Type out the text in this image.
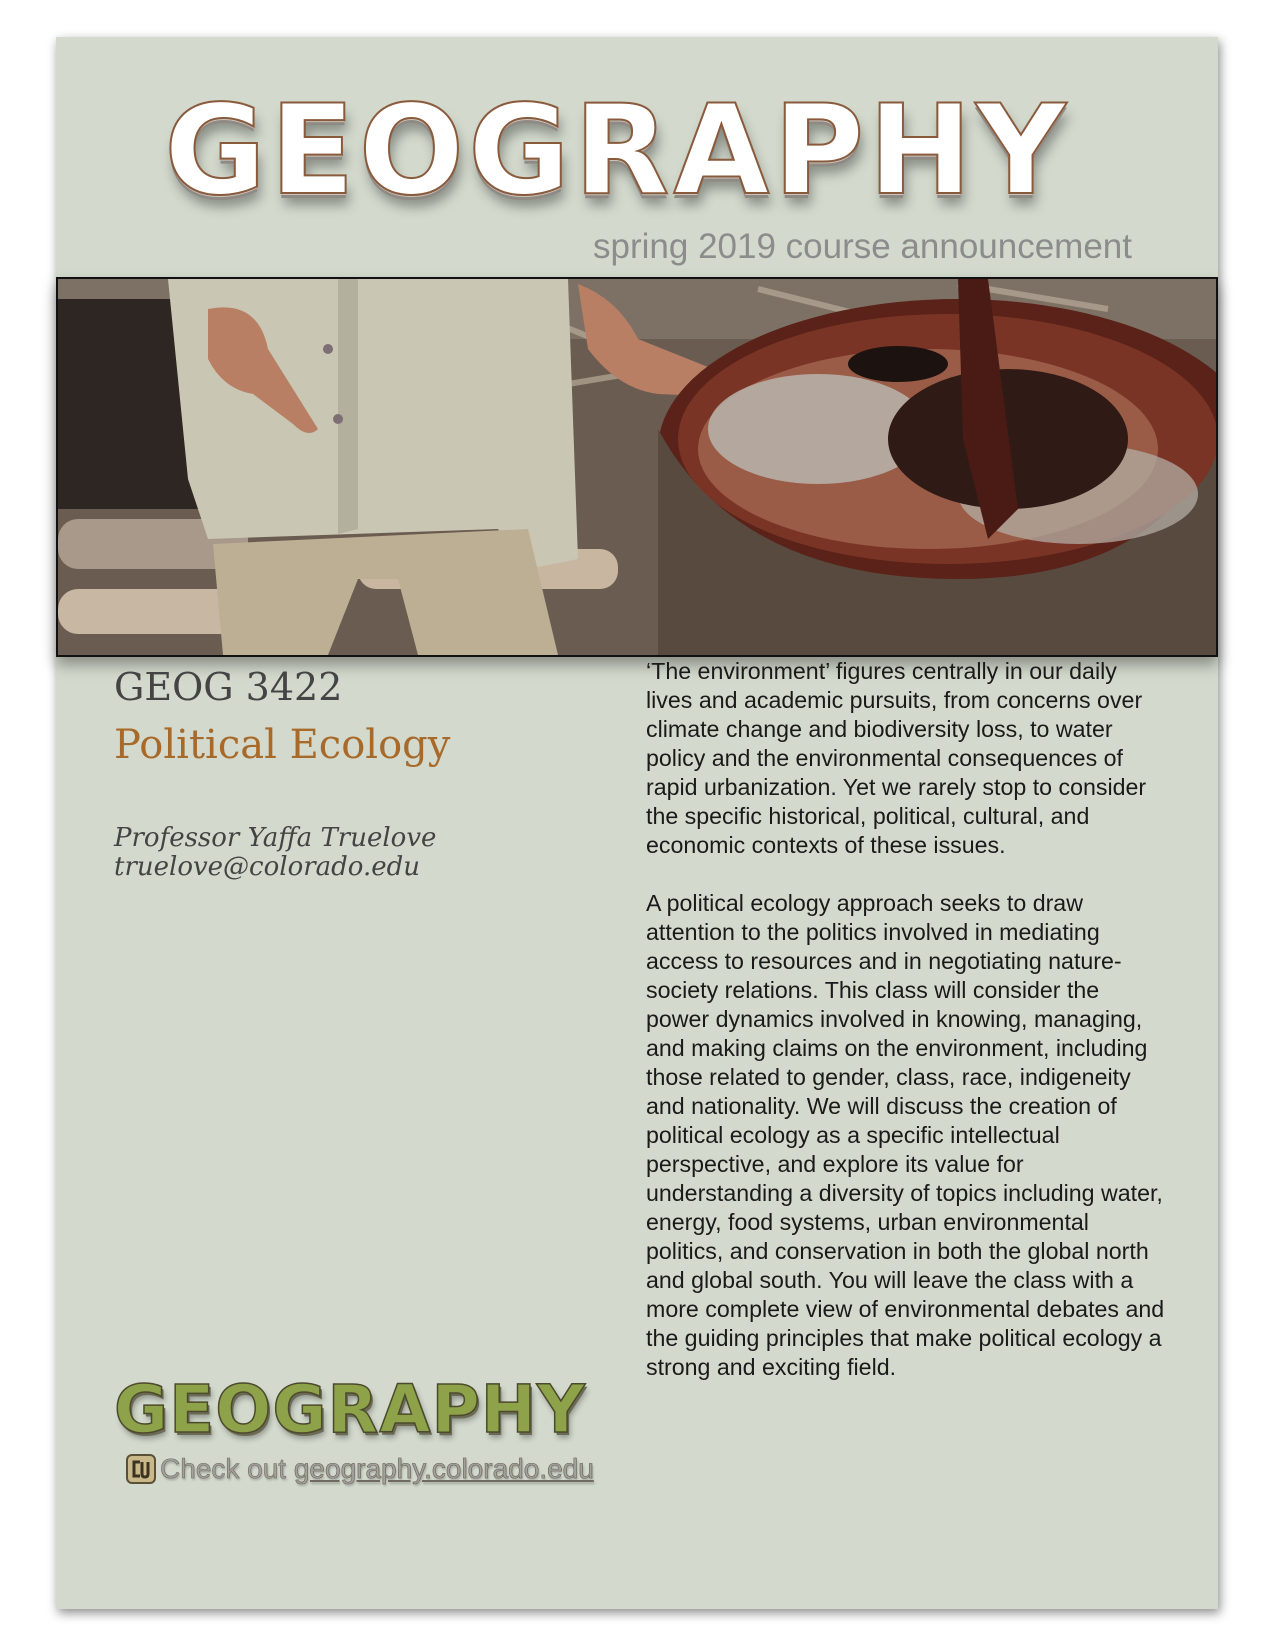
GEOGRAPHY
spring 2019 course announcement
GEOG 3422
Political Ecology
Professor Yaffa Truelove
truelove@colorado.edu

‘The environment’ figures centrally in our daily lives and academic pursuits, from concerns over climate change and biodiversity loss, to water policy and the environmental consequences of rapid urbanization. Yet we rarely stop to consider the specific historical, political, cultural, and economic contexts of these issues.

A political ecology approach seeks to draw attention to the politics involved in mediating access to resources and in negotiating nature-society relations. This class will consider the power dynamics involved in knowing, managing, and making claims on the environment, including those related to gender, class, race, indigeneity and nationality. We will discuss the creation of political ecology as a specific intellectual perspective, and explore its value for understanding a diversity of topics including water, energy, food systems, urban environmental politics, and conservation in both the global north and global south. You will leave the class with a more complete view of environmental debates and the guiding principles that make political ecology a strong and exciting field.

GEOGRAPHY
Check out geography.colorado.edu
